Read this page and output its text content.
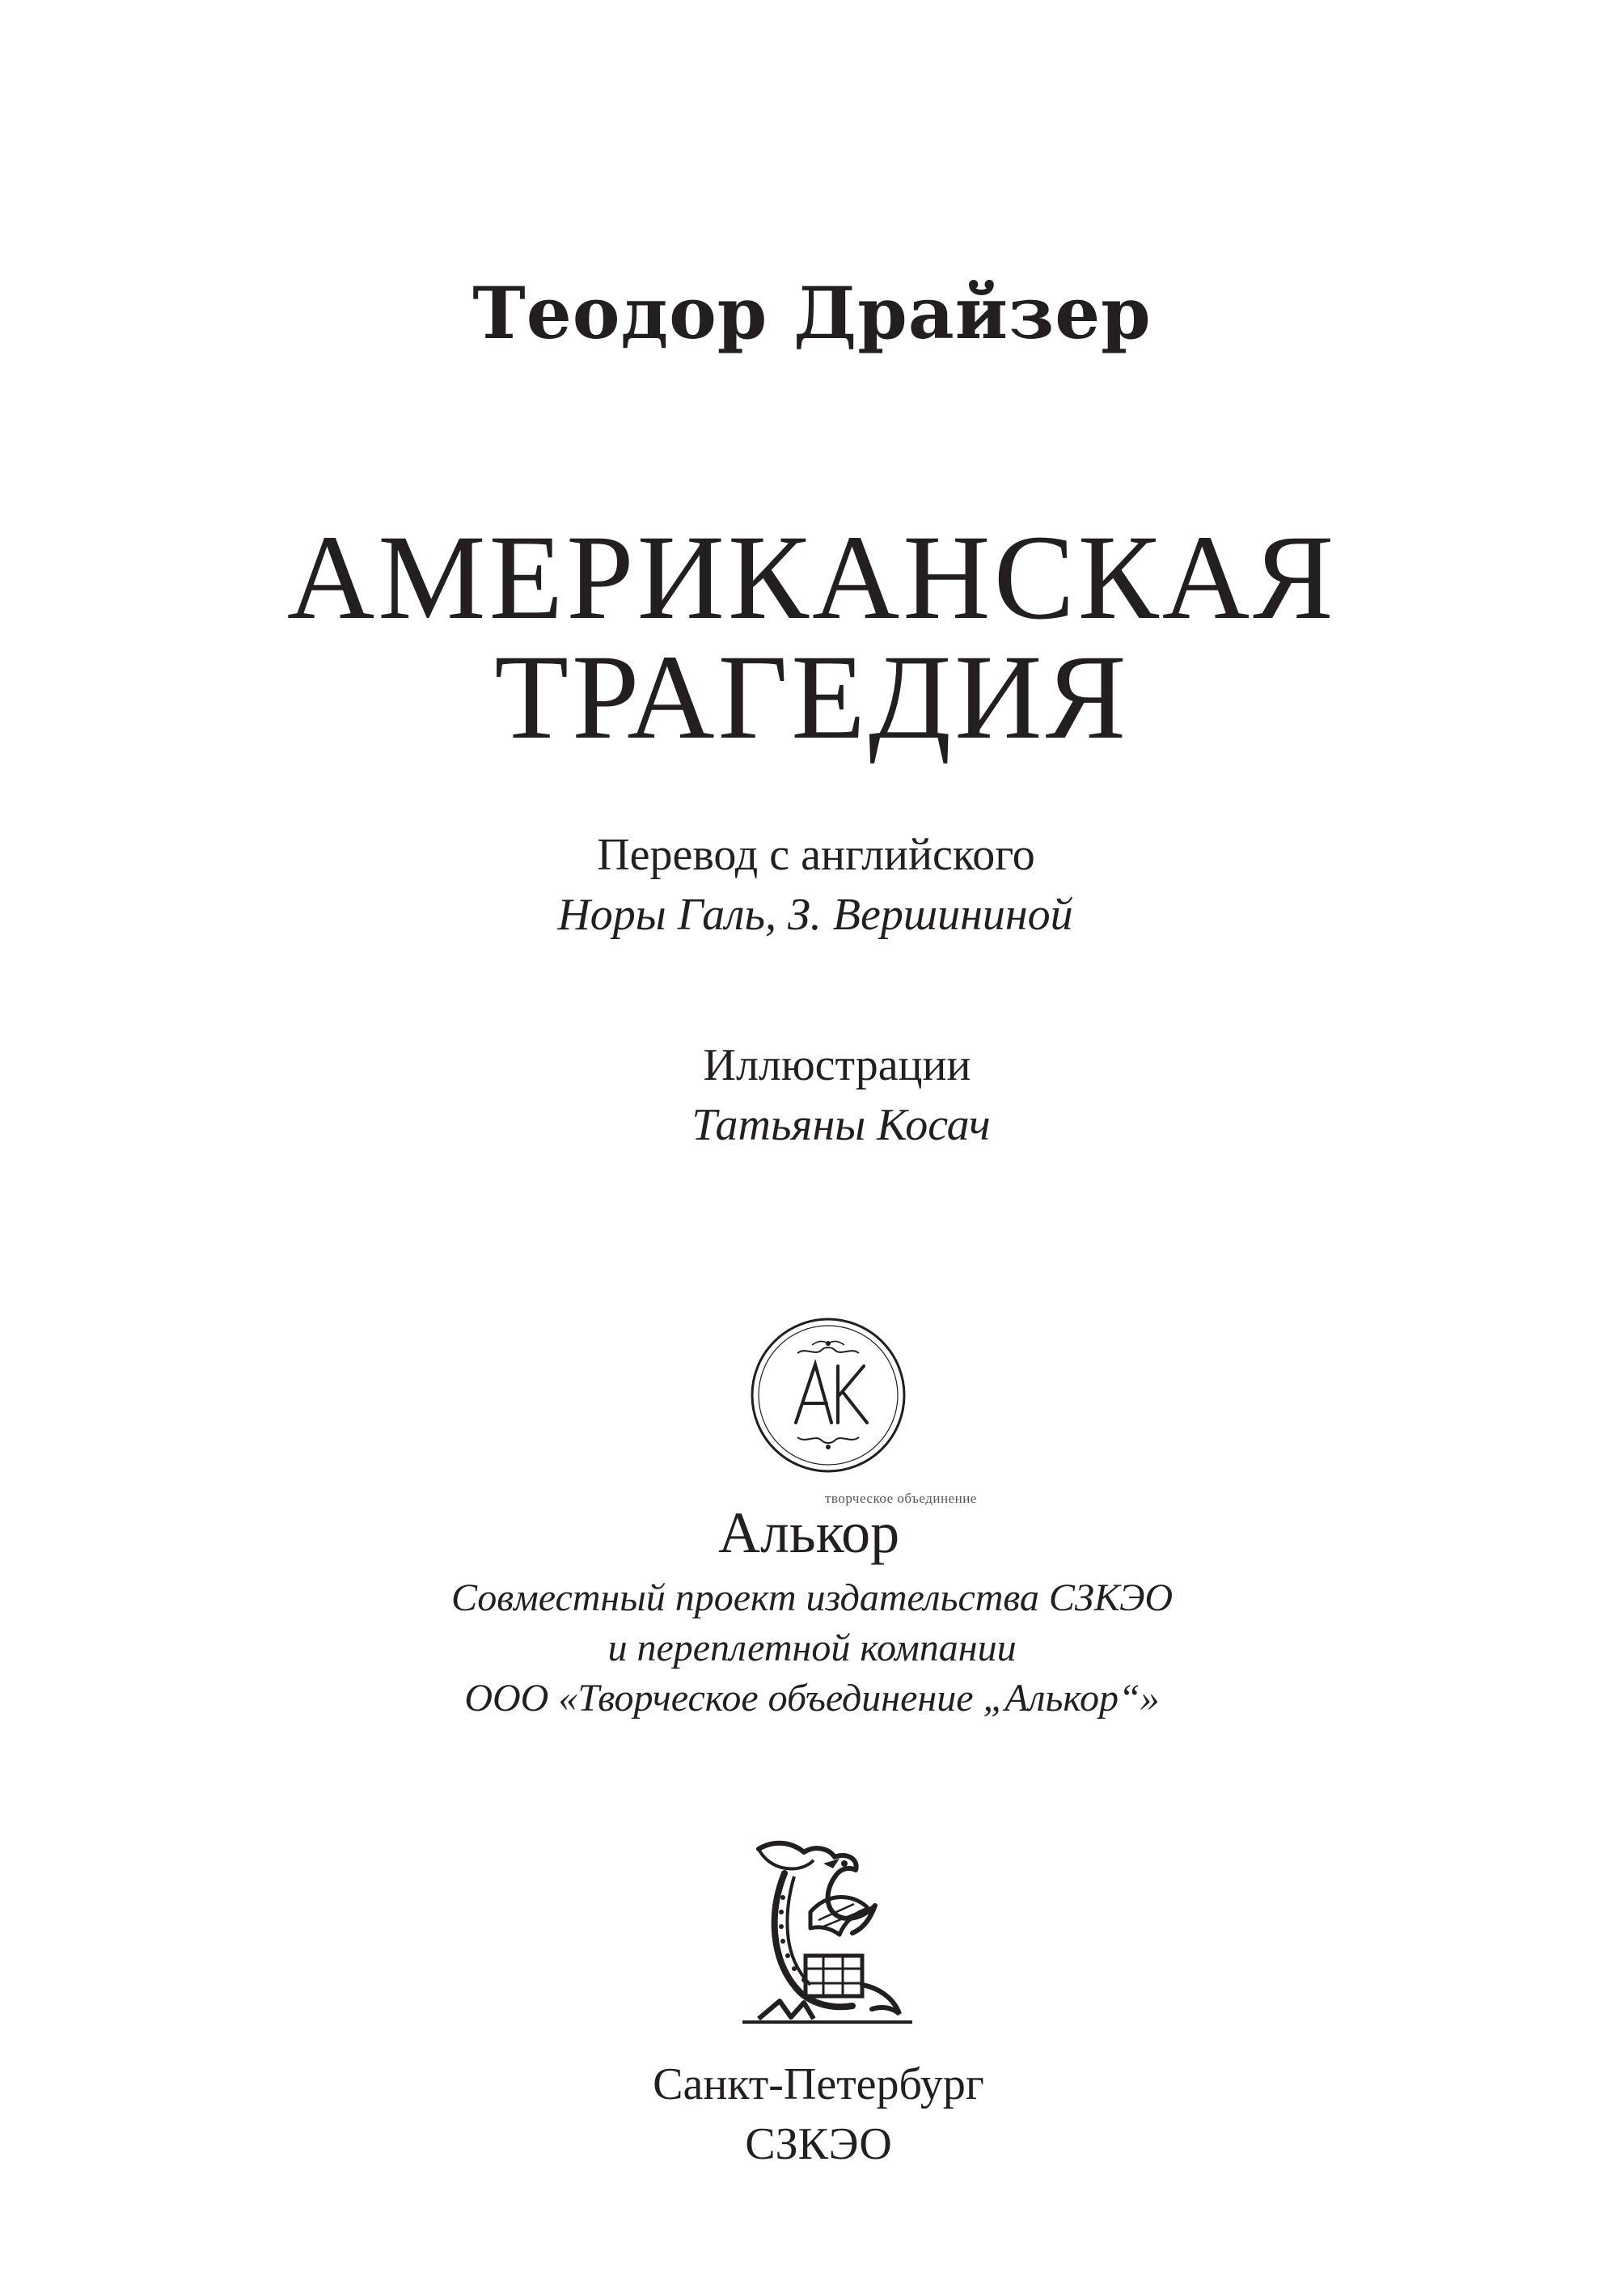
Теодор Драйзер
АМЕРИКАНСКАЯ
ТРАГЕДИЯ
Перевод с английского
Норы Галь, З. Вершининой
Иллюстрации
Татьяны Косач
творческое объединение
Алькор
Совместный проект издательства СЗКЭО
и переплетной компании
ООО «Творческое объединение „Алькор“»
Санкт-Петербург
СЗКЭО
